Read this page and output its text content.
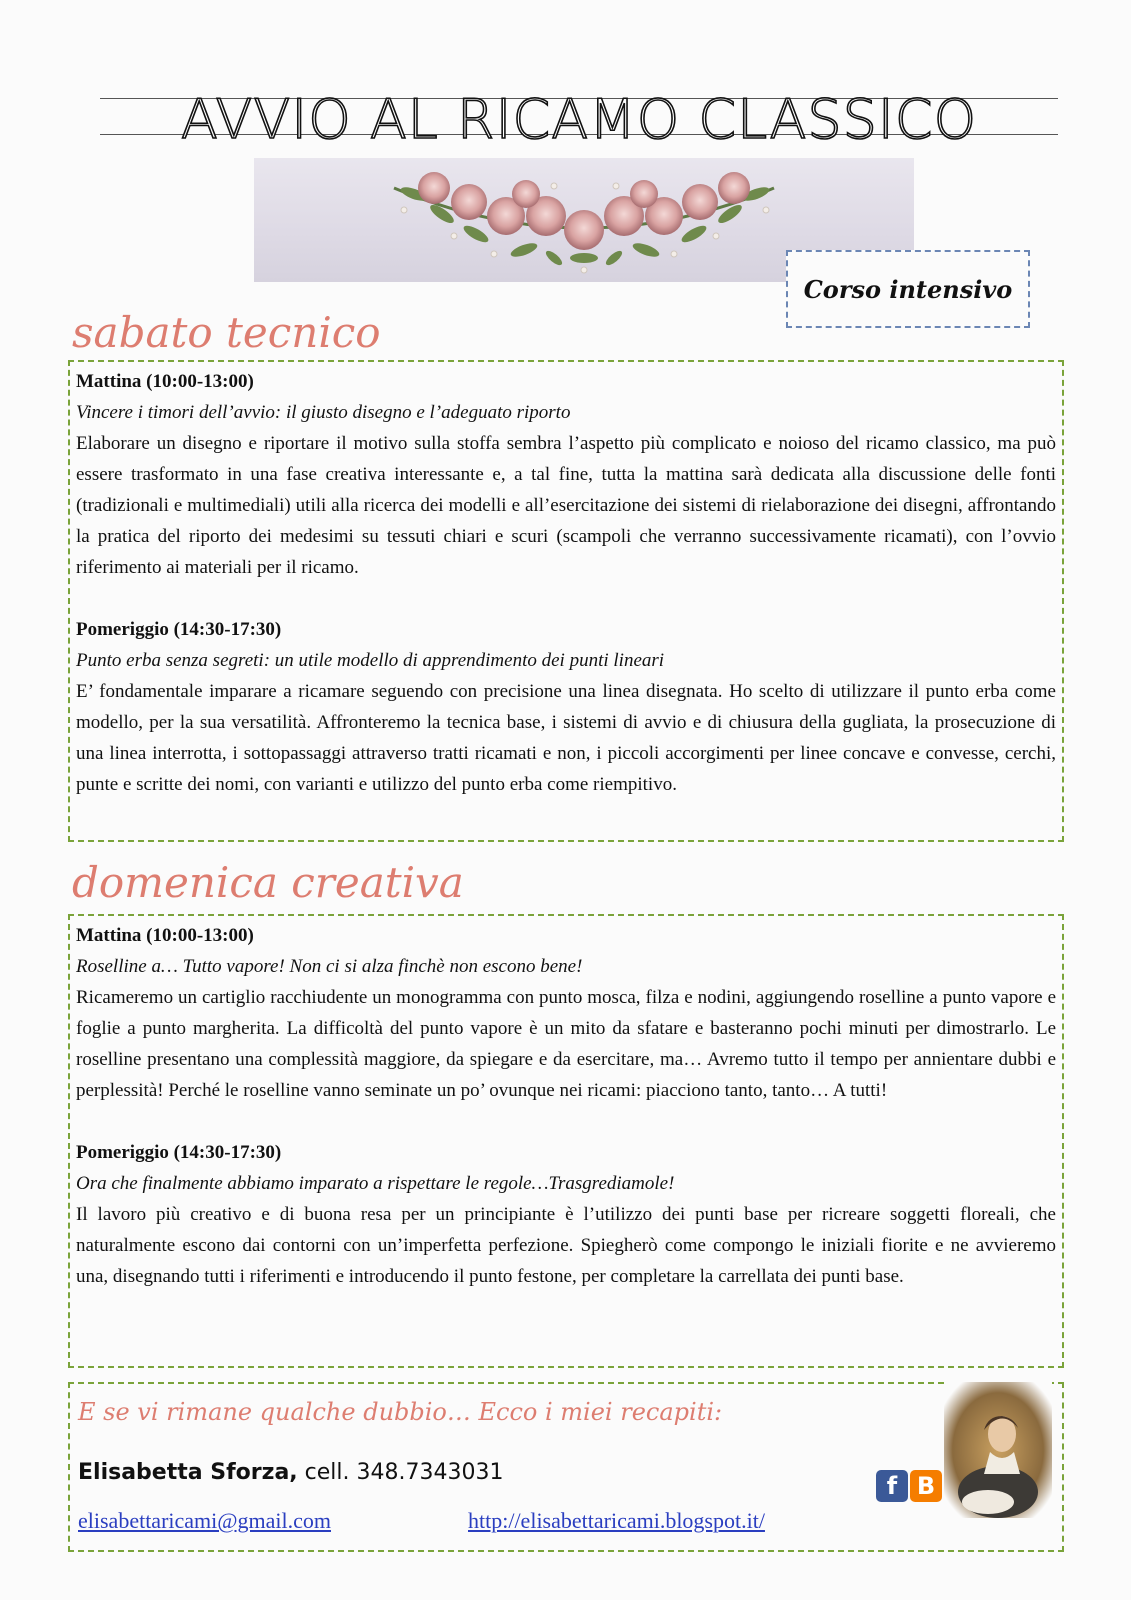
AVVIO AL RICAMO CLASSICO
Corso intensivo
sabato tecnico
Mattina (10:00-13:00)
Vincere i timori dell’avvio: il giusto disegno e l’adeguato riporto
Elaborare un disegno e riportare il motivo sulla stoffa sembra l’aspetto più complicato e noioso del ricamo classico, ma può essere trasformato in una fase creativa interessante e, a tal fine, tutta la mattina sarà dedicata alla discussione delle fonti (tradizionali e multimediali) utili alla ricerca dei modelli e all’esercitazione dei sistemi di rielaborazione dei disegni, affrontando la pratica del riporto dei medesimi su tessuti chiari e scuri (scampoli che verranno successivamente ricamati), con l’ovvio riferimento ai materiali per il ricamo.
Pomeriggio (14:30-17:30)
Punto erba senza segreti: un utile modello di apprendimento dei punti lineari
E’ fondamentale imparare a ricamare seguendo con precisione una linea disegnata. Ho scelto di utilizzare il punto erba come modello, per la sua versatilità. Affronteremo la tecnica base, i sistemi di avvio e di chiusura della gugliata, la prosecuzione di una linea interrotta, i sottopassaggi attraverso tratti ricamati e non, i piccoli accorgimenti per linee concave e convesse, cerchi, punte e scritte dei nomi, con varianti e utilizzo del punto erba come riempitivo.
domenica creativa
Mattina (10:00-13:00)
Roselline a… Tutto vapore! Non ci si alza finchè non escono bene!
Ricameremo un cartiglio racchiudente un monogramma con punto mosca, filza e nodini, aggiungendo roselline a punto vapore e foglie a punto margherita. La difficoltà del punto vapore è un mito da sfatare e basteranno pochi minuti per dimostrarlo. Le roselline presentano una complessità maggiore, da spiegare e da esercitare, ma… Avremo tutto il tempo per annientare dubbi e perplessità! Perché le roselline vanno seminate un po’ ovunque nei ricami: piacciono tanto, tanto… A tutti!
Pomeriggio (14:30-17:30)
Ora che finalmente abbiamo imparato a rispettare le regole…Trasgrediamole!
Il lavoro più creativo e di buona resa per un principiante è l’utilizzo dei punti base per ricreare soggetti floreali, che naturalmente escono dai contorni con un’imperfetta perfezione. Spiegherò come compongo le iniziali fiorite e ne avvieremo una, disegnando tutti i riferimenti e introducendo il punto festone, per completare la carrellata dei punti base.
E se vi rimane qualche dubbio… Ecco i miei recapiti:
Elisabetta Sforza, cell. 348.7343031
elisabettaricami@gmail.com	http://elisabettaricami.blogspot.it/
f B
